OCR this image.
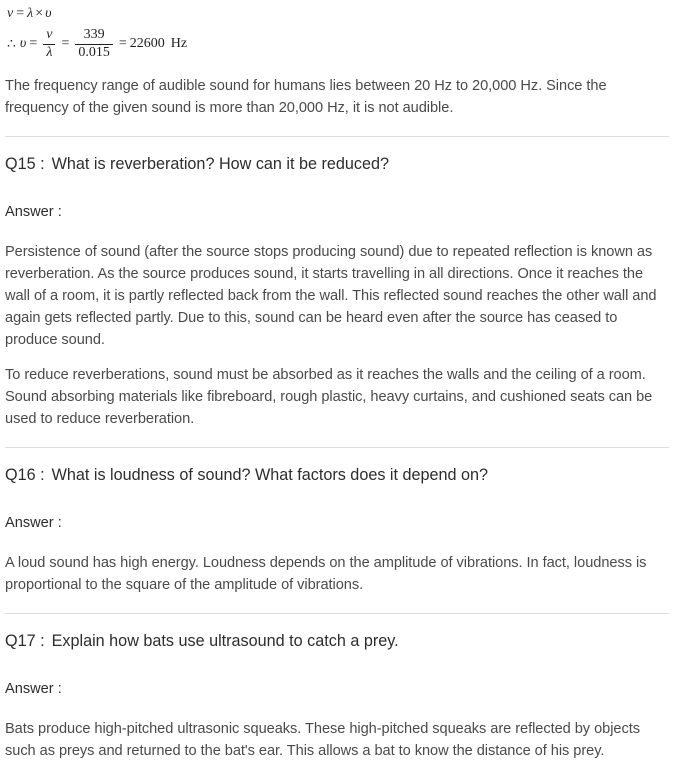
v = λ × υ
∴ $\upsilon = \frac{v}{\lambda} = \frac{339}{0.015} = 22600$ Hz

The frequency range of audible sound for humans lies between 20 Hz to 20,000 Hz. Since the frequency of the given sound is more than 20,000 Hz, it is not audible.

Q15 : What is reverberation? How can it be reduced?

Answer :

Persistence of sound (after the source stops producing sound) due to repeated reflection is known as reverberation. As the source produces sound, it starts travelling in all directions. Once it reaches the wall of a room, it is partly reflected back from the wall. This reflected sound reaches the other wall and again gets reflected partly. Due to this, sound can be heard even after the source has ceased to produce sound.

To reduce reverberations, sound must be absorbed as it reaches the walls and the ceiling of a room. Sound absorbing materials like fibreboard, rough plastic, heavy curtains, and cushioned seats can be used to reduce reverberation.

Q16 : What is loudness of sound? What factors does it depend on?

Answer :

A loud sound has high energy. Loudness depends on the amplitude of vibrations. In fact, loudness is proportional to the square of the amplitude of vibrations.

Q17 : Explain how bats use ultrasound to catch a prey.

Answer :

Bats produce high-pitched ultrasonic squeaks. These high-pitched squeaks are reflected by objects such as preys and returned to the bat's ear. This allows a bat to know the distance of his prey.
